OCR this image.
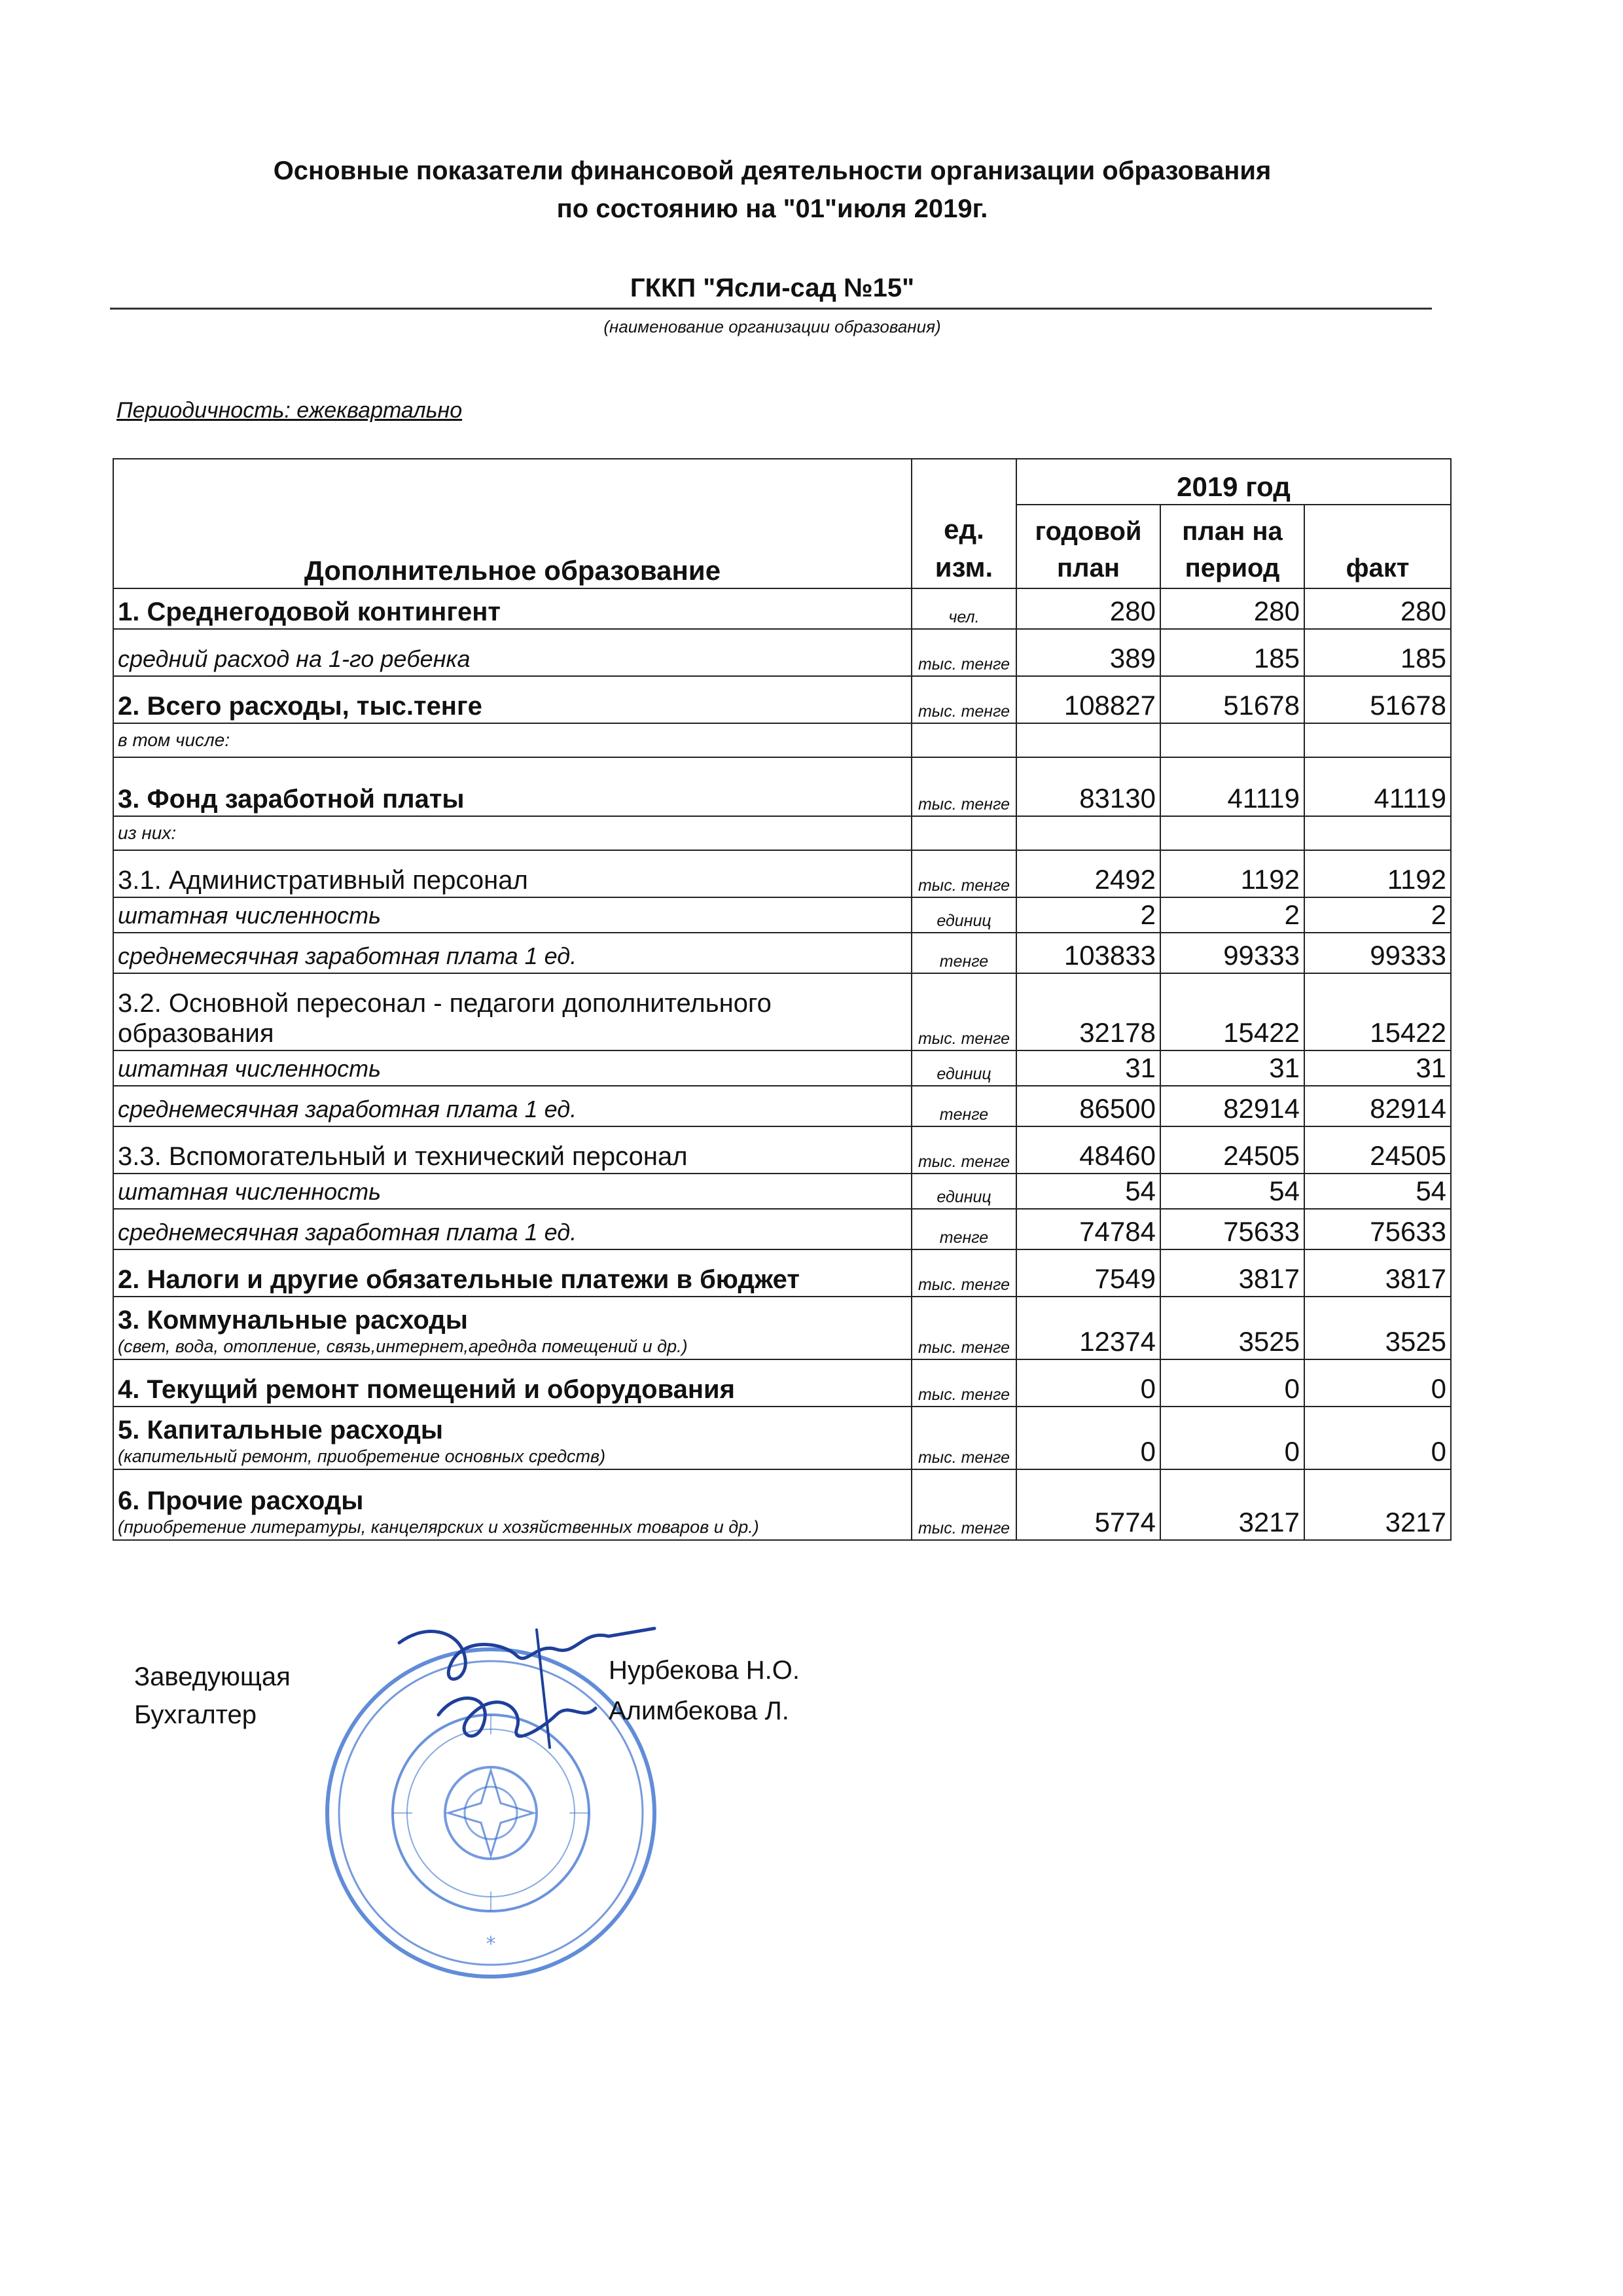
Основные показатели финансовой деятельности организации образования
по состоянию на "01"июля 2019г.
ГККП "Ясли-сад №15"
(наименование организации образования)
Периодичность: ежеквартально
Дополнительное образование	ед. изм.	2019 год		
		годовой план	план на период	факт
1. Среднегодовой контингент	чел.	280	280	280
средний расход на 1-го ребенка	тыс. тенге	389	185	185
2. Всего расходы, тыс.тенге	тыс. тенге	108827	51678	51678
в том числе:				
3. Фонд заработной платы	тыс. тенге	83130	41119	41119
из них:				
3.1. Административный персонал	тыс. тенге	2492	1192	1192
штатная численность	единиц	2	2	2
среднемесячная заработная плата 1 ед.	тенге	103833	99333	99333
3.2. Основной пересонал - педагоги дополнительного образования	тыс. тенге	32178	15422	15422
штатная численность	единиц	31	31	31
среднемесячная заработная плата 1 ед.	тенге	86500	82914	82914
3.3. Вспомогательный и технический персонал	тыс. тенге	48460	24505	24505
штатная численность	единиц	54	54	54
среднемесячная заработная плата 1 ед.	тенге	74784	75633	75633
2. Налоги и другие обязательные платежи в бюджет	тыс. тенге	7549	3817	3817
3. Коммунальные расходы
(свет, вода, отопление, связь,интернет,ареднда помещений и др.)	тыс. тенге	12374	3525	3525
4. Текущий ремонт помещений и оборудования	тыс. тенге	0	0	0
5. Капитальные расходы
(капительный ремонт, приобретение основных средств)	тыс. тенге	0	0	0
6. Прочие расходы
(приобретение литературы, канцелярских и хозяйственных товаров и др.)	тыс. тенге	5774	3217	3217
*
Заведующая
Бухгалтер
Нурбекова Н.О.
Алимбекова Л.
